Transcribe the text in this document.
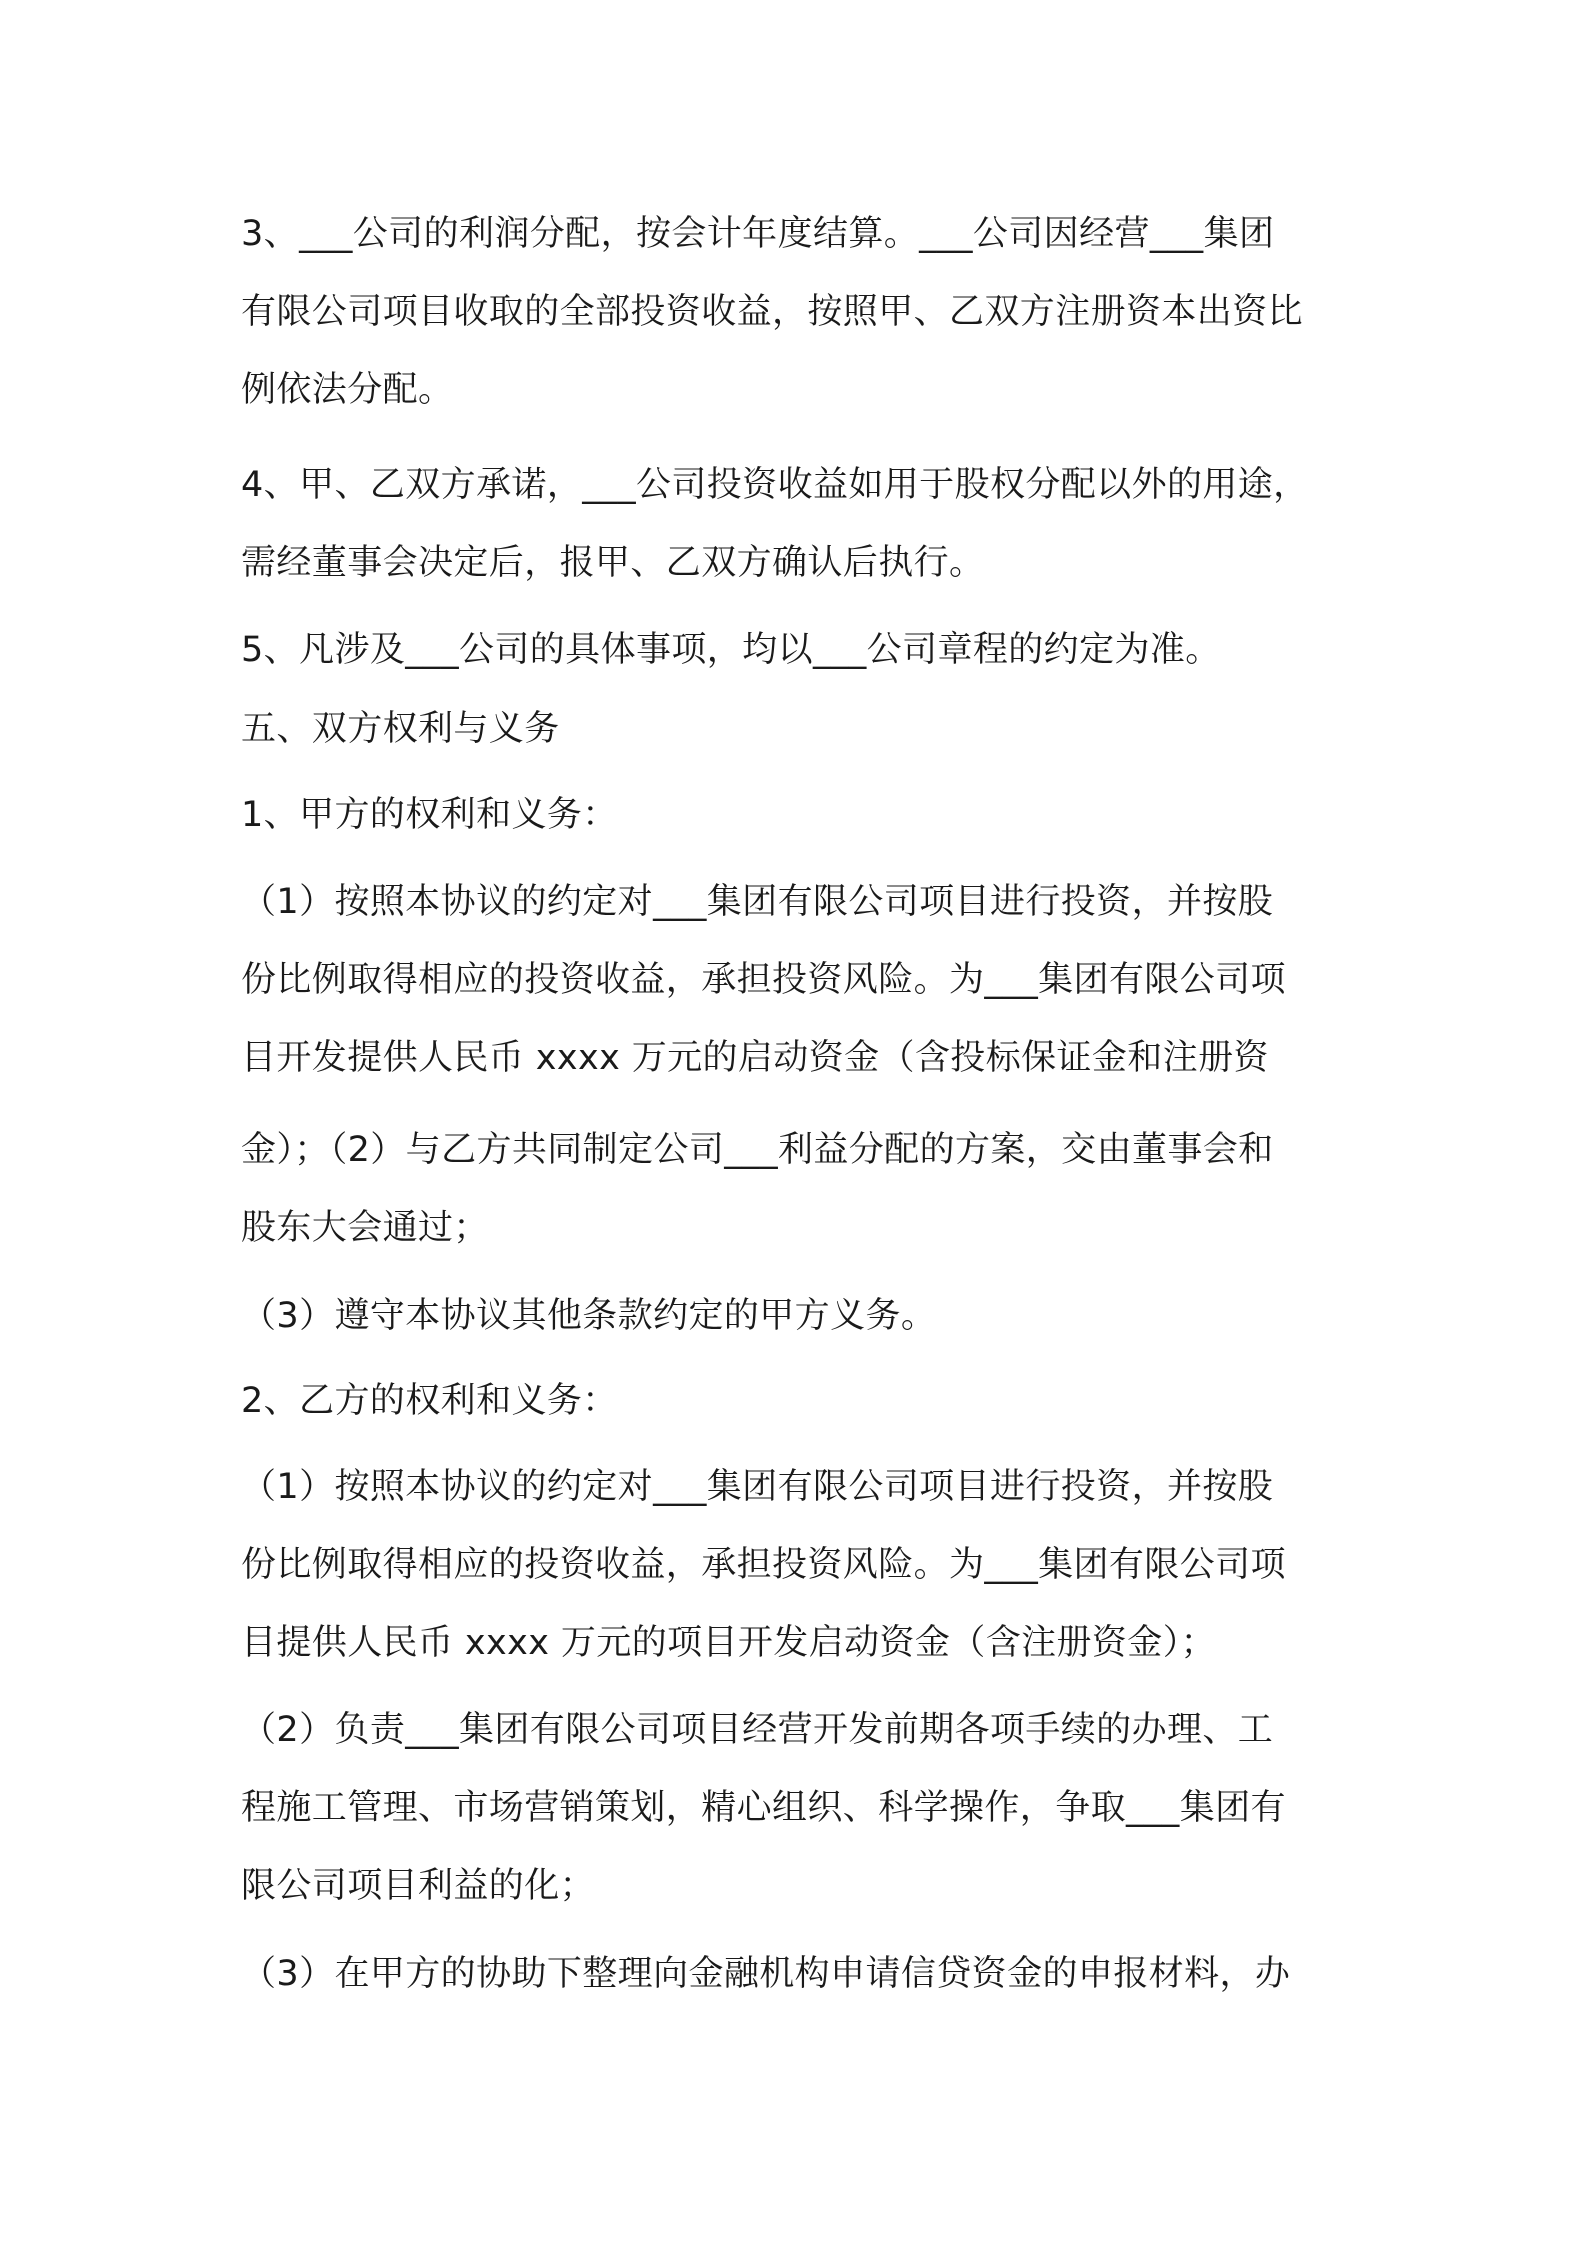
3、___公司的利润分配，按会计年度结算。___公司因经营___集团
有限公司项目收取的全部投资收益，按照甲、乙双方注册资本出资比
例依法分配。
4、甲、乙双方承诺，___公司投资收益如用于股权分配以外的用途，
需经董事会决定后，报甲、乙双方确认后执行。
5、凡涉及___公司的具体事项，均以___公司章程的约定为准。
五、双方权利与义务
1、甲方的权利和义务：
（1）按照本协议的约定对___集团有限公司项目进行投资，并按股
份比例取得相应的投资收益，承担投资风险。为___集团有限公司项
目开发提供人民币 xxxx 万元的启动资金（含投标保证金和注册资
金）；（2）与乙方共同制定公司___利益分配的方案，交由董事会和
股东大会通过；
（3）遵守本协议其他条款约定的甲方义务。
2、乙方的权利和义务：
（1）按照本协议的约定对___集团有限公司项目进行投资，并按股
份比例取得相应的投资收益，承担投资风险。为___集团有限公司项
目提供人民币 xxxx 万元的项目开发启动资金（含注册资金）；
（2）负责___集团有限公司项目经营开发前期各项手续的办理、工
程施工管理、市场营销策划，精心组织、科学操作，争取___集团有
限公司项目利益的化；
（3）在甲方的协助下整理向金融机构申请信贷资金的申报材料，办
